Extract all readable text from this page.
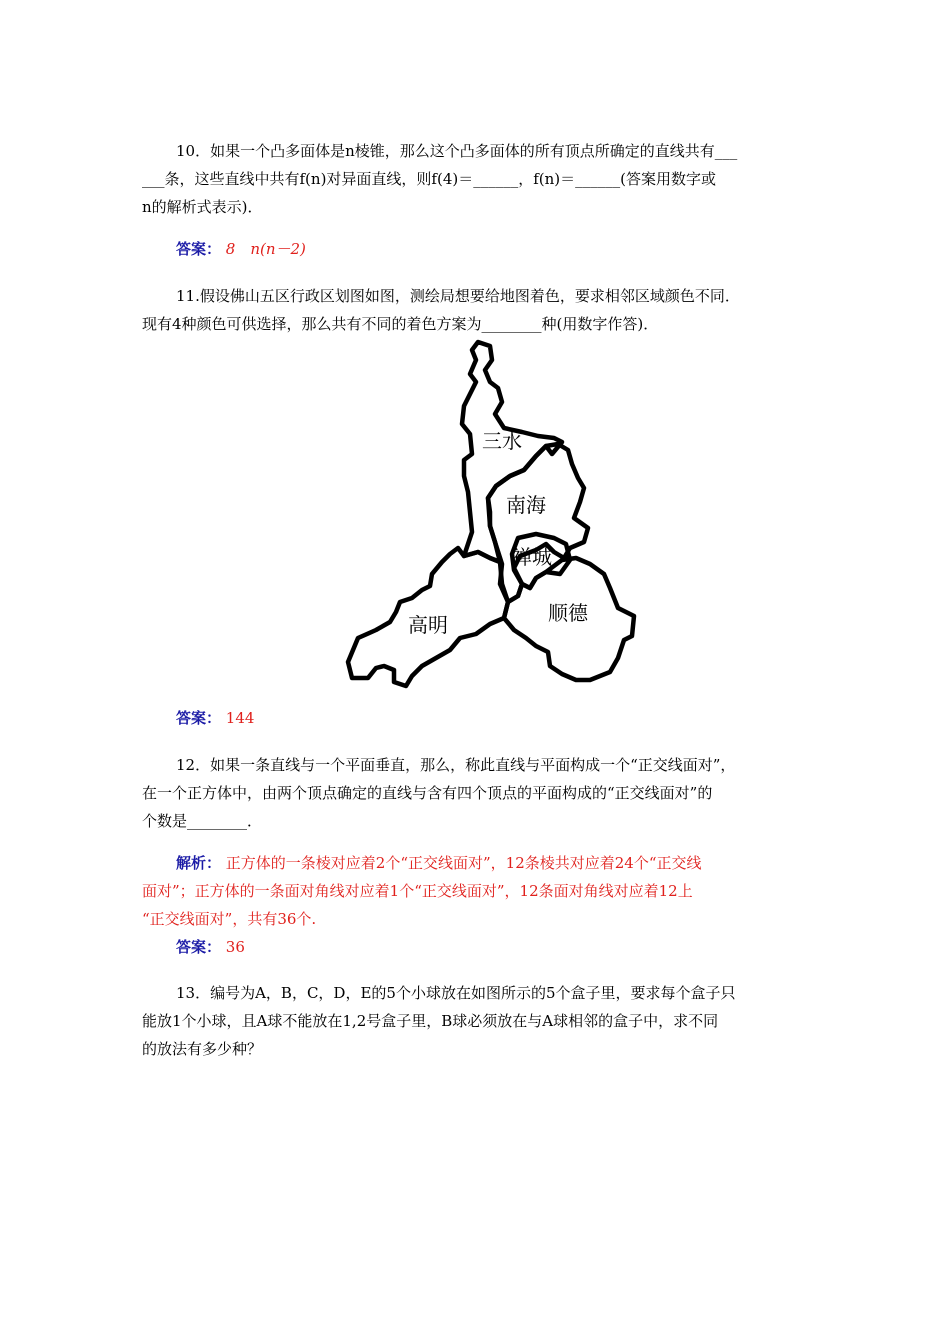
10．如果一个凸多面体是n棱锥，那么这个凸多面体的所有顶点所确定的直线共有___
___条，这些直线中共有f(n)对异面直线，则f(4)＝______，f(n)＝______(答案用数字或
n的解析式表示)．
答案： 8　n(n－2)
11.假设佛山五区行政区划图如图，测绘局想要给地图着色，要求相邻区域颜色不同．
现有4种颜色可供选择，那么共有不同的着色方案为________种(用数字作答)．
三水
南海
禅城
顺德
高明
答案： 144
12．如果一条直线与一个平面垂直，那么，称此直线与平面构成一个“正交线面对”，
在一个正方体中，由两个顶点确定的直线与含有四个顶点的平面构成的“正交线面对”的
个数是________．
解析： 正方体的一条棱对应着2个“正交线面对”，12条棱共对应着24个“正交线
面对”；正方体的一条面对角线对应着1个“正交线面对”，12条面对角线对应着12上
“正交线面对”，共有36个.
答案： 36
13．编号为A，B，C，D，E的5个小球放在如图所示的5个盒子里，要求每个盒子只
能放1个小球，且A球不能放在1,2号盒子里，B球必须放在与A球相邻的盒子中，求不同
的放法有多少种？
